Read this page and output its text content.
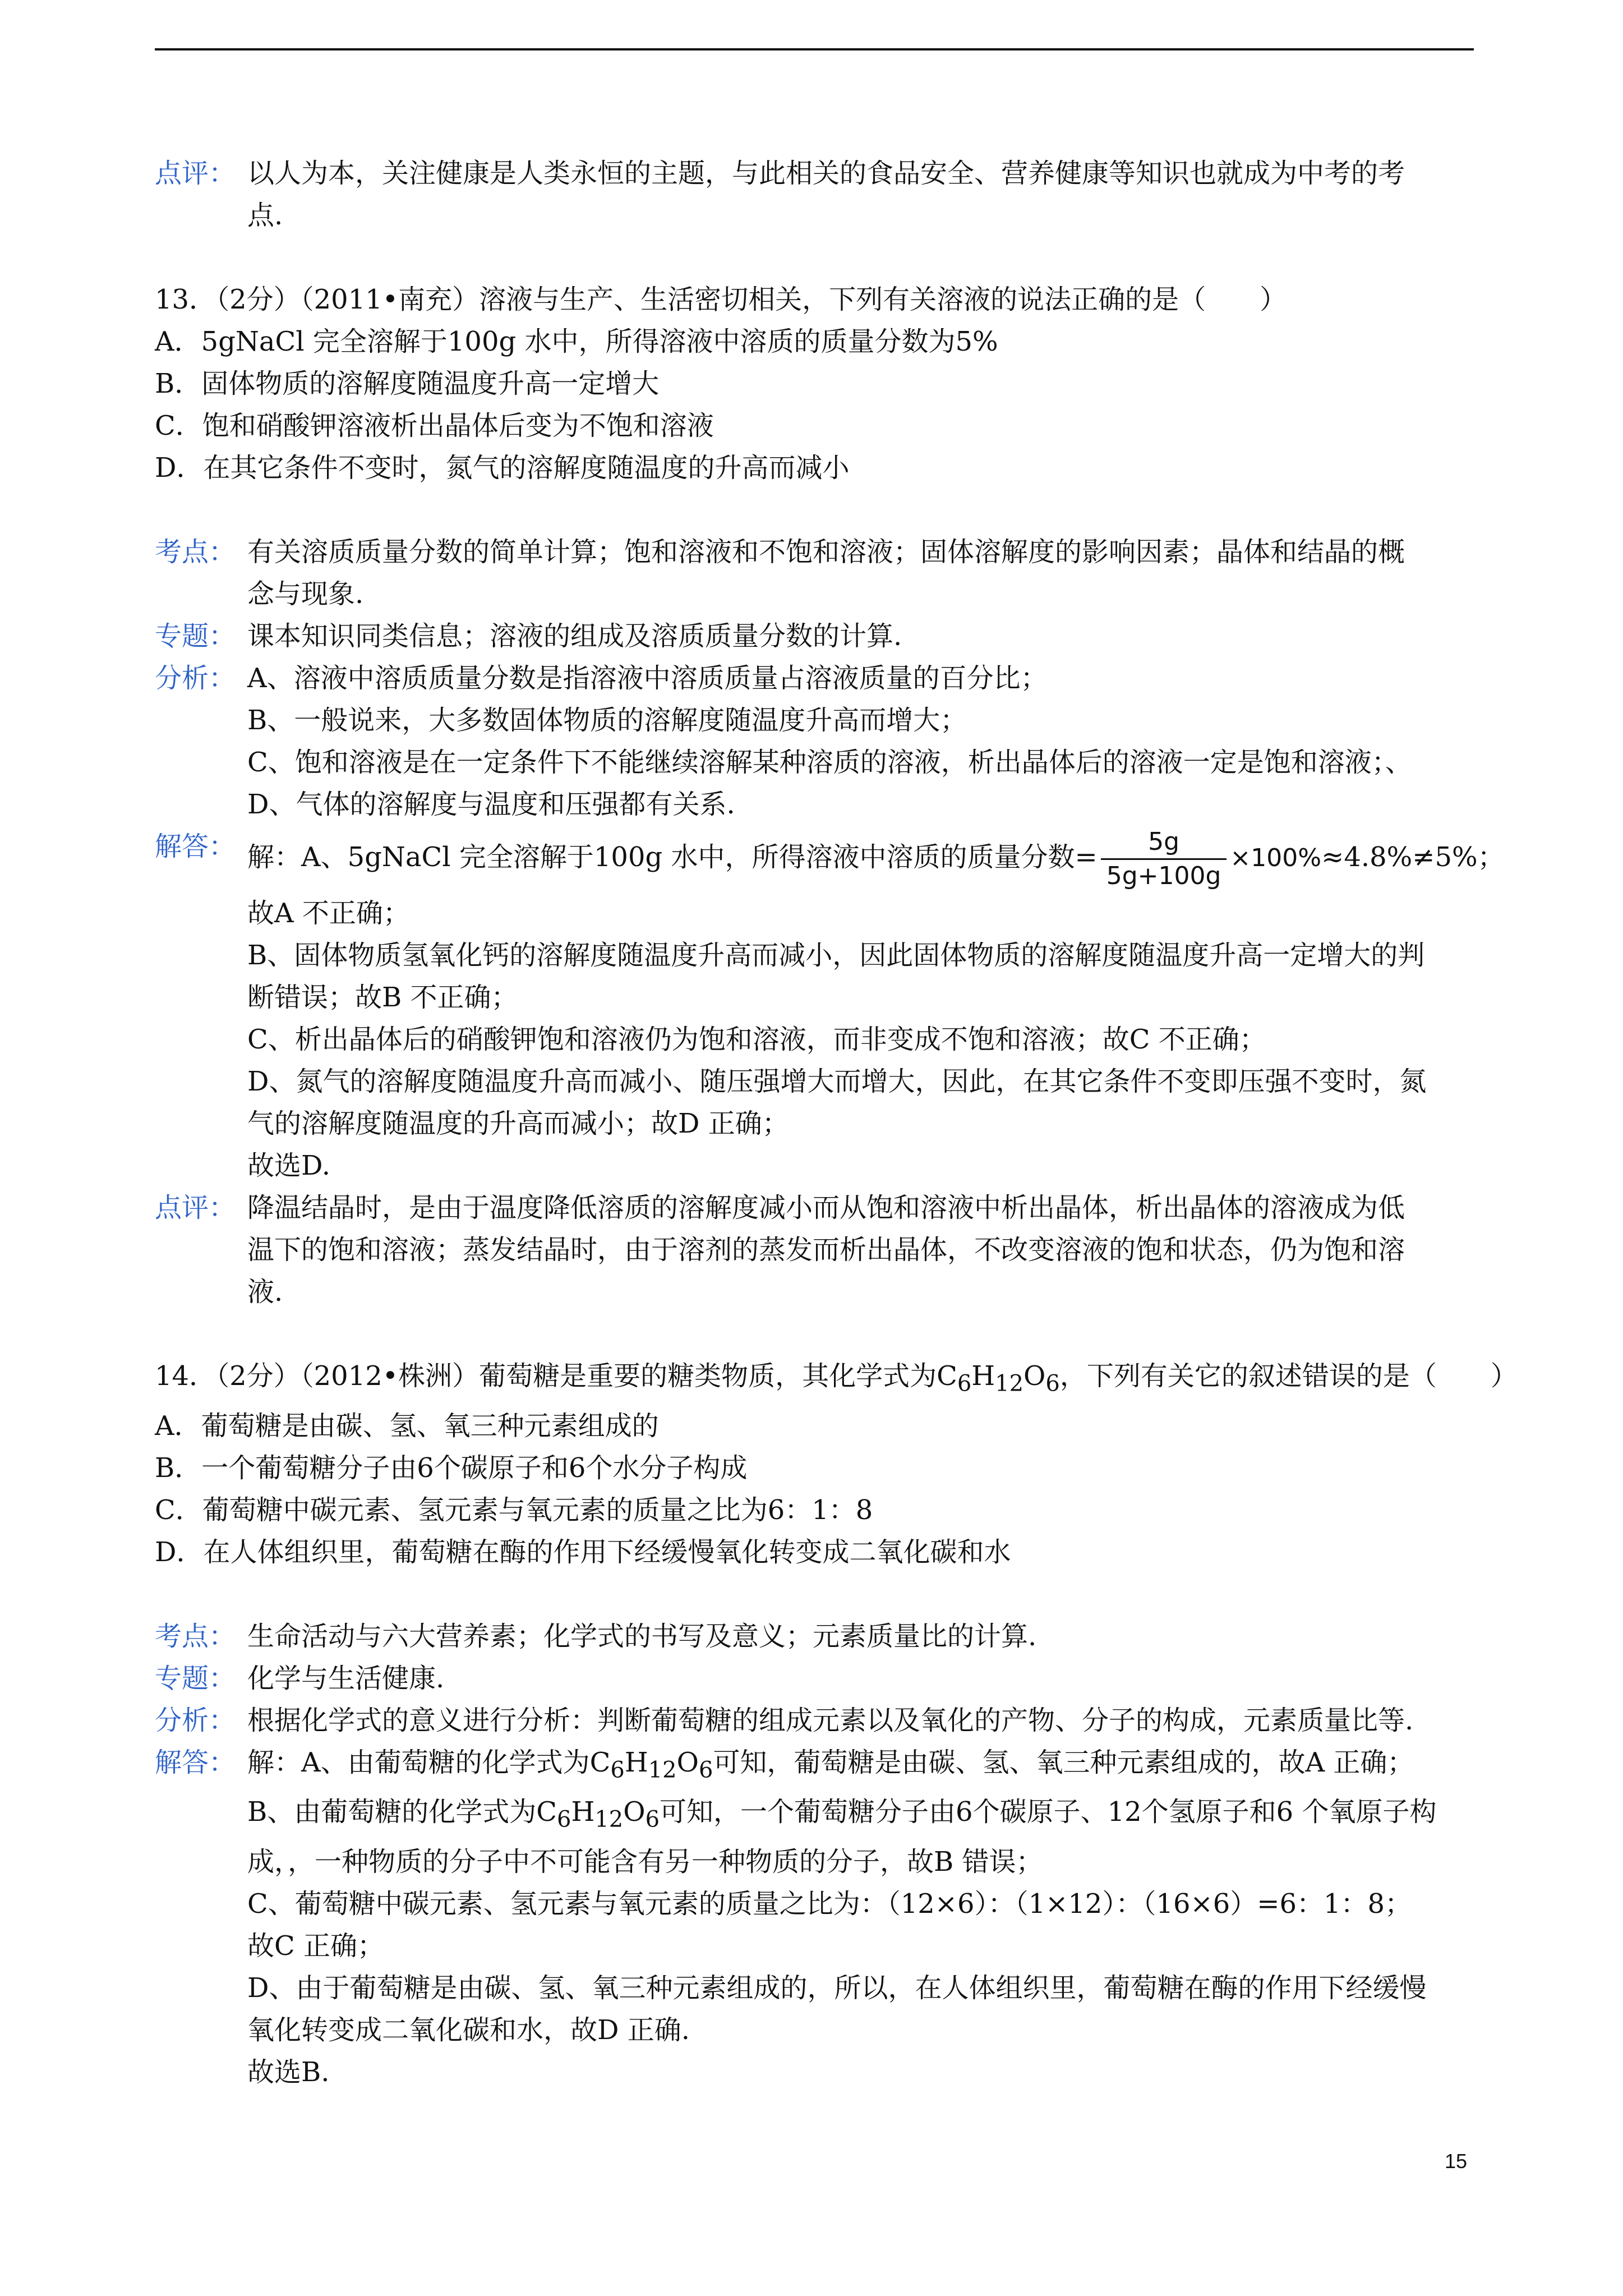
点评： 以人为本，关注健康是人类永恒的主题，与此相关的食品安全、营养健康等知识也就成为中考的考
点.
13．（2分）（2011•南充）溶液与生产、生活密切相关，下列有关溶液的说法正确的是（　　）
A．5gNaCl 完全溶解于100g 水中，所得溶液中溶质的质量分数为5%
B．固体物质的溶解度随温度升高一定增大
C．饱和硝酸钾溶液析出晶体后变为不饱和溶液
D．在其它条件不变时，氮气的溶解度随温度的升高而减小
考点： 有关溶质质量分数的简单计算；饱和溶液和不饱和溶液；固体溶解度的影响因素；晶体和结晶的概
念与现象.
专题： 课本知识同类信息；溶液的组成及溶质质量分数的计算.
分析： A、溶液中溶质质量分数是指溶液中溶质质量占溶液质量的百分比；
B、一般说来，大多数固体物质的溶解度随温度升高而增大；
C、饱和溶液是在一定条件下不能继续溶解某种溶质的溶液，析出晶体后的溶液一定是饱和溶液；、
D、气体的溶解度与温度和压强都有关系.
解答： 解：A、5gNaCl 完全溶解于100g 水中，所得溶液中溶质的质量分数= $\frac{5g}{5g+100g} \times 100\%\approx 4.8\%\ne 5\%$；
故A 不正确；
B、固体物质氢氧化钙的溶解度随温度升高而减小，因此固体物质的溶解度随温度升高一定增大的判
断错误；故B 不正确；
C、析出晶体后的硝酸钾饱和溶液仍为饱和溶液，而非变成不饱和溶液；故C 不正确；
D、氮气的溶解度随温度升高而减小、随压强增大而增大，因此，在其它条件不变即压强不变时，氮
气的溶解度随温度的升高而减小；故D 正确；
故选D.
点评： 降温结晶时，是由于温度降低溶质的溶解度减小而从饱和溶液中析出晶体，析出晶体的溶液成为低
温下的饱和溶液；蒸发结晶时，由于溶剂的蒸发而析出晶体，不改变溶液的饱和状态，仍为饱和溶
液.
14．（2分）（2012•株洲）葡萄糖是重要的糖类物质，其化学式为$C_6H_{12}O_6$，下列有关它的叙述错误的是（　　）
A．葡萄糖是由碳、氢、氧三种元素组成的
B．一个葡萄糖分子由6个碳原子和6个水分子构成
C．葡萄糖中碳元素、氢元素与氧元素的质量之比为6：1：8
D．在人体组织里，葡萄糖在酶的作用下经缓慢氧化转变成二氧化碳和水
考点： 生命活动与六大营养素；化学式的书写及意义；元素质量比的计算.
专题： 化学与生活健康.
分析： 根据化学式的意义进行分析：判断葡萄糖的组成元素以及氧化的产物、分子的构成，元素质量比等.
解答： 解：A、由葡萄糖的化学式为$C_6H_{12}O_6$可知，葡萄糖是由碳、氢、氧三种元素组成的，故A 正确；
B、由葡萄糖的化学式为$C_6H_{12}O_6$可知，一个葡萄糖分子由6个碳原子、12个氢原子和6 个氧原子构
成，，一种物质的分子中不可能含有另一种物质的分子，故B 错误；
C、葡萄糖中碳元素、氢元素与氧元素的质量之比为：（12×6）：（1×12）：（16×6）=6：1：8；
故C 正确；
D、由于葡萄糖是由碳、氢、氧三种元素组成的，所以，在人体组织里，葡萄糖在酶的作用下经缓慢
氧化转变成二氧化碳和水，故D 正确.
故选B.
15
